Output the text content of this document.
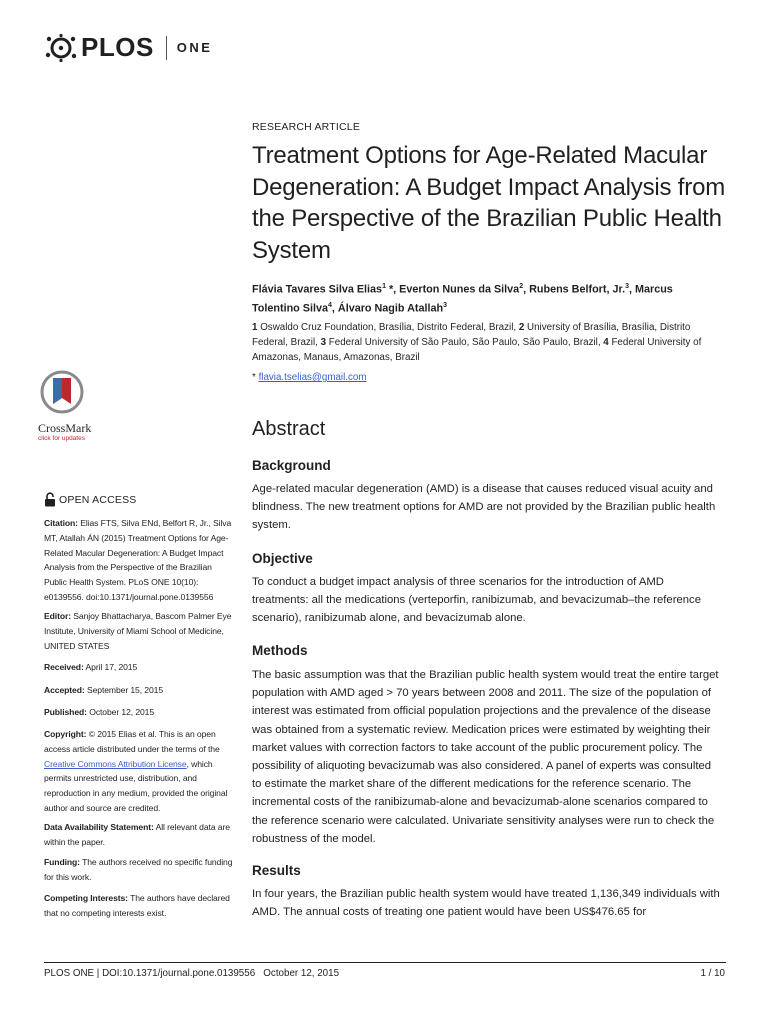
PLOS ONE
RESEARCH ARTICLE
Treatment Options for Age-Related Macular Degeneration: A Budget Impact Analysis from the Perspective of the Brazilian Public Health System
Flávia Tavares Silva Elias$^1$ *, Everton Nunes da Silva$^2$, Rubens Belfort, Jr.$^3$, Marcus Tolentino Silva$^4$, Álvaro Nagib Atallah$^3$
1 Oswaldo Cruz Foundation, Brasília, Distrito Federal, Brazil, 2 University of Brasília, Brasília, Distrito Federal, Brazil, 3 Federal University of São Paulo, São Paulo, São Paulo, Brazil, 4 Federal University of Amazonas, Manaus, Amazonas, Brazil
* flavia.tselias@gmail.com
Abstract
Background
Age-related macular degeneration (AMD) is a disease that causes reduced visual acuity and blindness. The new treatment options for AMD are not provided by the Brazilian public health system.
Objective
To conduct a budget impact analysis of three scenarios for the introduction of AMD treatments: all the medications (verteporfin, ranibizumab, and bevacizumab–the reference scenario), ranibizumab alone, and bevacizumab alone.
Methods
The basic assumption was that the Brazilian public health system would treat the entire target population with AMD aged > 70 years between 2008 and 2011. The size of the population of interest was estimated from official population projections and the prevalence of the disease was obtained from a systematic review. Medication prices were estimated by weighting their market values with correction factors to take account of the public procurement policy. The possibility of aliquoting bevacizumab was also considered. A panel of experts was consulted to estimate the market share of the different medications for the reference scenario. The incremental costs of the ranibizumab-alone and bevacizumab-alone scenarios compared to the reference scenario were calculated. Univariate sensitivity analyses were run to check the robustness of the model.
Results
In four years, the Brazilian public health system would have treated 1,136,349 individuals with AMD. The annual costs of treating one patient would have been US$476.65 for
CrossMark
click for updates
OPEN ACCESS
Citation: Elias FTS, Silva ENd, Belfort R, Jr., Silva MT, Atallah ÁN (2015) Treatment Options for Age-Related Macular Degeneration: A Budget Impact Analysis from the Perspective of the Brazilian Public Health System. PLoS ONE 10(10): e0139556. doi:10.1371/journal.pone.0139556
Editor: Sanjoy Bhattacharya, Bascom Palmer Eye Institute, University of Miami School of Medicine, UNITED STATES
Received: April 17, 2015
Accepted: September 15, 2015
Published: October 12, 2015
Copyright: © 2015 Elias et al. This is an open access article distributed under the terms of the Creative Commons Attribution License, which permits unrestricted use, distribution, and reproduction in any medium, provided the original author and source are credited.
Data Availability Statement: All relevant data are within the paper.
Funding: The authors received no specific funding for this work.
Competing Interests: The authors have declared that no competing interests exist.
PLOS ONE | DOI:10.1371/journal.pone.0139556   October 12, 2015	1 / 10
